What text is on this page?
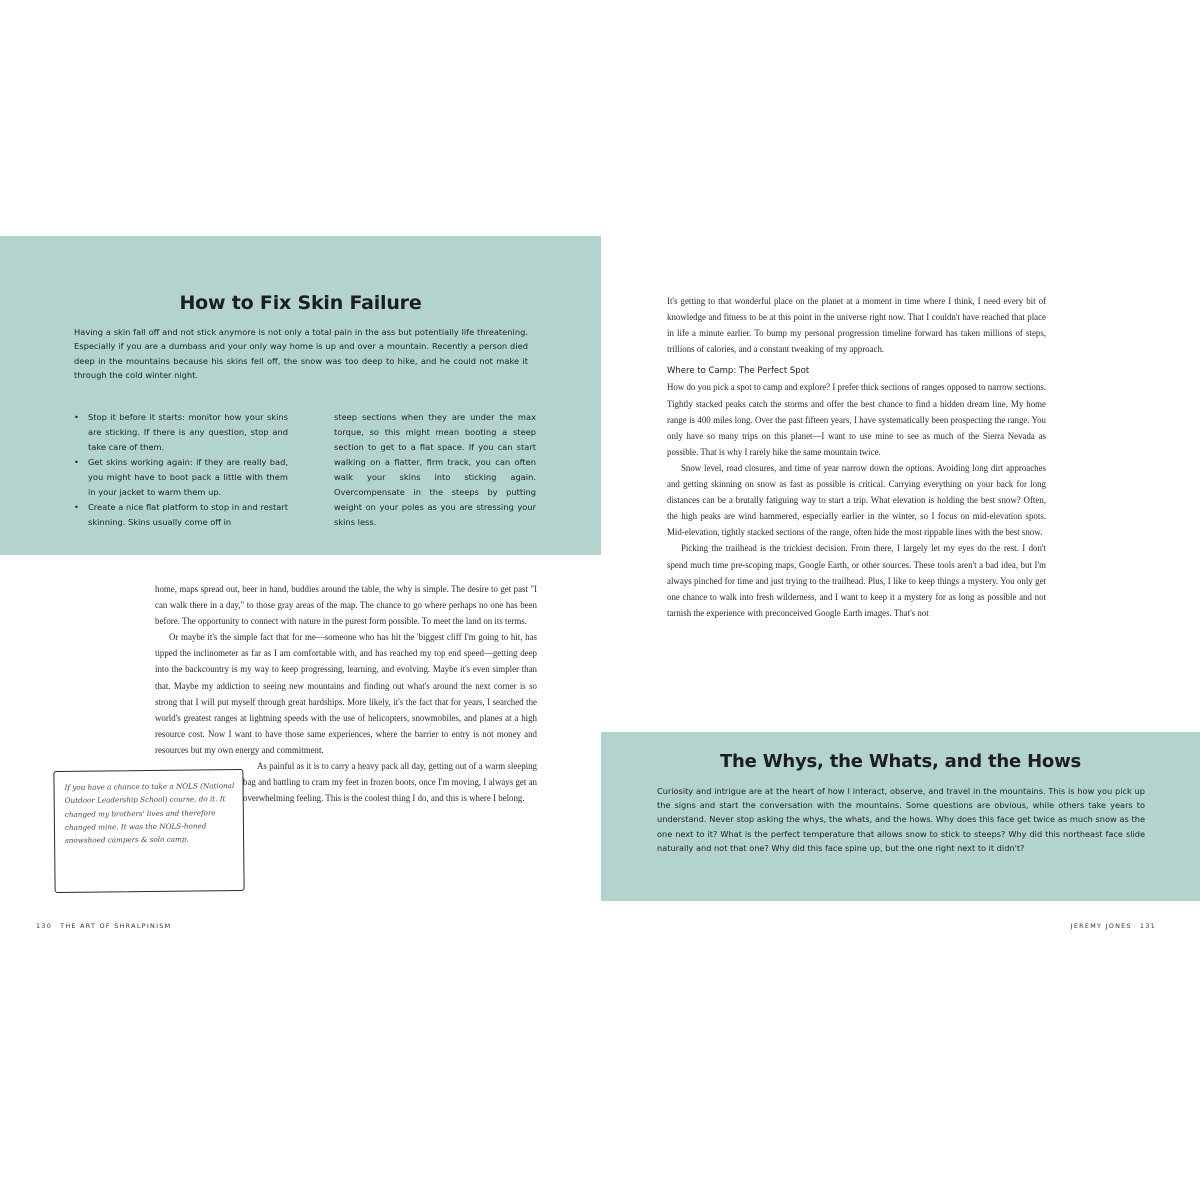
How to Fix Skin Failure
Having a skin fall off and not stick anymore is not only a total pain in the ass but potentially life threatening. Especially if you are a dumbass and your only way home is up and over a mountain. Recently a person died deep in the mountains because his skins fell off, the snow was too deep to hike, and he could not make it through the cold winter night.
• Stop it before it starts: monitor how your skins are sticking. If there is any question, stop and take care of them.
• Get skins working again: if they are really bad, you might have to boot pack a little with them in your jacket to warm them up.
• Create a nice flat platform to stop in and restart skinning. Skins usually come off in
steep sections when they are under the max torque, so this might mean booting a steep section to get to a flat space. If you can start walking on a flatter, firm track, you can often walk your skins into sticking again. Overcompensate in the steeps by putting weight on your poles as you are stressing your skins less.

home, maps spread out, beer in hand, buddies around the table, the why is simple. The desire to get past "I can walk there in a day," to those gray areas of the map. The chance to go where perhaps no one has been before. The opportunity to connect with nature in the purest form possible. To meet the land on its terms.

Or maybe it's the simple fact that for me—someone who has hit the 'biggest cliff I'm going to hit, has tipped the inclinometer as far as I am comfortable with, and has reached my top end speed—getting deep into the backcountry is my way to keep progressing, learning, and evolving. Maybe it's even simpler than that. Maybe my addiction to seeing new mountains and finding out what's around the next corner is so strong that I will put myself through great hardships. More likely, it's the fact that for years, I searched the world's greatest ranges at lightning speeds with the use of helicopters, snowmobiles, and planes at a high resource cost. Now I want to have those same experiences, where the barrier to entry is not money and resources but my own energy and commitment.

As painful as it is to carry a heavy pack all day, getting out of a warm sleeping bag and battling to cram my feet in frozen boots, once I'm moving, I always get an overwhelming feeling. This is the coolest thing I do, and this is where I belong.

If you have a chance to take a NOLS (National Outdoor Leadership School) course, do it. It changed my brothers' lives and therefore changed mine. It was the NOLS-honed snowshoed campers & solo camp.

It's getting to that wonderful place on the planet at a moment in time where I think, I need every bit of knowledge and fitness to be at this point in the universe right now. That I couldn't have reached that place in life a minute earlier. To bump my personal progression timeline forward has taken millions of steps, trillions of calories, and a constant tweaking of my approach.

Where to Camp: The Perfect Spot

How do you pick a spot to camp and explore? I prefer thick sections of ranges opposed to narrow sections. Tightly stacked peaks catch the storms and offer the best chance to find a hidden dream line. My home range is 400 miles long. Over the past fifteen years, I have systematically been prospecting the range. You only have so many trips on this planet—I want to use mine to see as much of the Sierra Nevada as possible. That is why I rarely hike the same mountain twice.

Snow level, road closures, and time of year narrow down the options. Avoiding long dirt approaches and getting skinning on snow as fast as possible is critical. Carrying everything on your back for long distances can be a brutally fatiguing way to start a trip. What elevation is holding the best snow? Often, the high peaks are wind hammered, especially earlier in the winter, so I focus on mid-elevation spots. Mid-elevation, tightly stacked sections of the range, often hide the most rippable lines with the best snow.

Picking the trailhead is the trickiest decision. From there, I largely let my eyes do the rest. I don't spend much time pre-scoping maps, Google Earth, or other sources. These tools aren't a bad idea, but I'm always pinched for time and just trying to the trailhead. Plus, I like to keep things a mystery. You only get one chance to walk into fresh wilderness, and I want to keep it a mystery for as long as possible and not tarnish the experience with preconceived Google Earth images. That's not

The Whys, the Whats, and the Hows
Curiosity and intrigue are at the heart of how I interact, observe, and travel in the mountains. This is how you pick up the signs and start the conversation with the mountains. Some questions are obvious, while others take years to understand. Never stop asking the whys, the whats, and the hows. Why does this face get twice as much snow as the one next to it? What is the perfect temperature that allows snow to stick to steeps? Why did this northeast face slide naturally and not that one? Why did this face spine up, but the one right next to it didn't?
130 THE ART OF SHRALPINISM	JEREMY JONES 131
